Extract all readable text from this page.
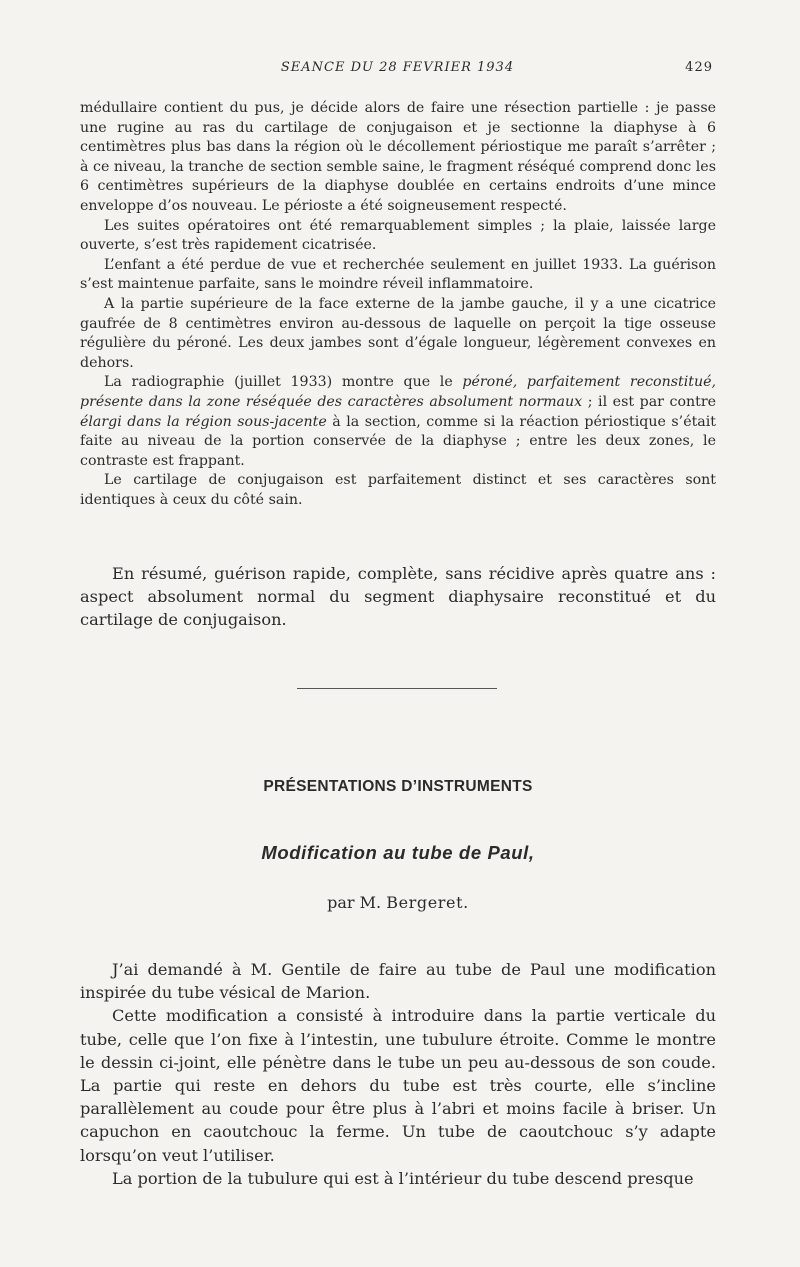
SEANCE DU 28 FEVRIER 1934	429

médullaire contient du pus, je décide alors de faire une résection partielle : je passe une rugine au ras du cartilage de conjugaison et je sectionne la diaphyse à 6 centimètres plus bas dans la région où le décollement périostique me paraît s’arrêter ; à ce niveau, la tranche de section semble saine, le fragment réséqué comprend donc les 6 centimètres supérieurs de la diaphyse doublée en certains endroits d’une mince enveloppe d’os nouveau. Le périoste a été soigneusement respecté.

Les suites opératoires ont été remarquablement simples ; la plaie, laissée large ouverte, s’est très rapidement cicatrisée.

L’enfant a été perdue de vue et recherchée seulement en juillet 1933. La guérison s’est maintenue parfaite, sans le moindre réveil inflammatoire.

A la partie supérieure de la face externe de la jambe gauche, il y a une cicatrice gaufrée de 8 centimètres environ au-dessous de laquelle on perçoit la tige osseuse régulière du péroné. Les deux jambes sont d’égale longueur, légèrement convexes en dehors.

La radiographie (juillet 1933) montre que le péroné, parfaitement reconstitué, présente dans la zone réséquée des caractères absolument normaux ; il est par contre élargi dans la région sous-jacente à la section, comme si la réaction périostique s’était faite au niveau de la portion conservée de la diaphyse ; entre les deux zones, le contraste est frappant.

Le cartilage de conjugaison est parfaitement distinct et ses caractères sont identiques à ceux du côté sain.

En résumé, guérison rapide, complète, sans récidive après quatre ans : aspect absolument normal du segment diaphysaire reconstitué et du cartilage de conjugaison.

PRÉSENTATIONS D’INSTRUMENTS
Modification au tube de Paul,
par M. Bergeret.

J’ai demandé à M. Gentile de faire au tube de Paul une modification inspirée du tube vésical de Marion.

Cette modification a consisté à introduire dans la partie verticale du tube, celle que l’on fixe à l’intestin, une tubulure étroite. Comme le montre le dessin ci-joint, elle pénètre dans le tube un peu au-dessous de son coude. La partie qui reste en dehors du tube est très courte, elle s’incline parallèlement au coude pour être plus à l’abri et moins facile à briser. Un capuchon en caoutchouc la ferme. Un tube de caoutchouc s’y adapte lorsqu’on veut l’utiliser.

La portion de la tubulure qui est à l’intérieur du tube descend presque
